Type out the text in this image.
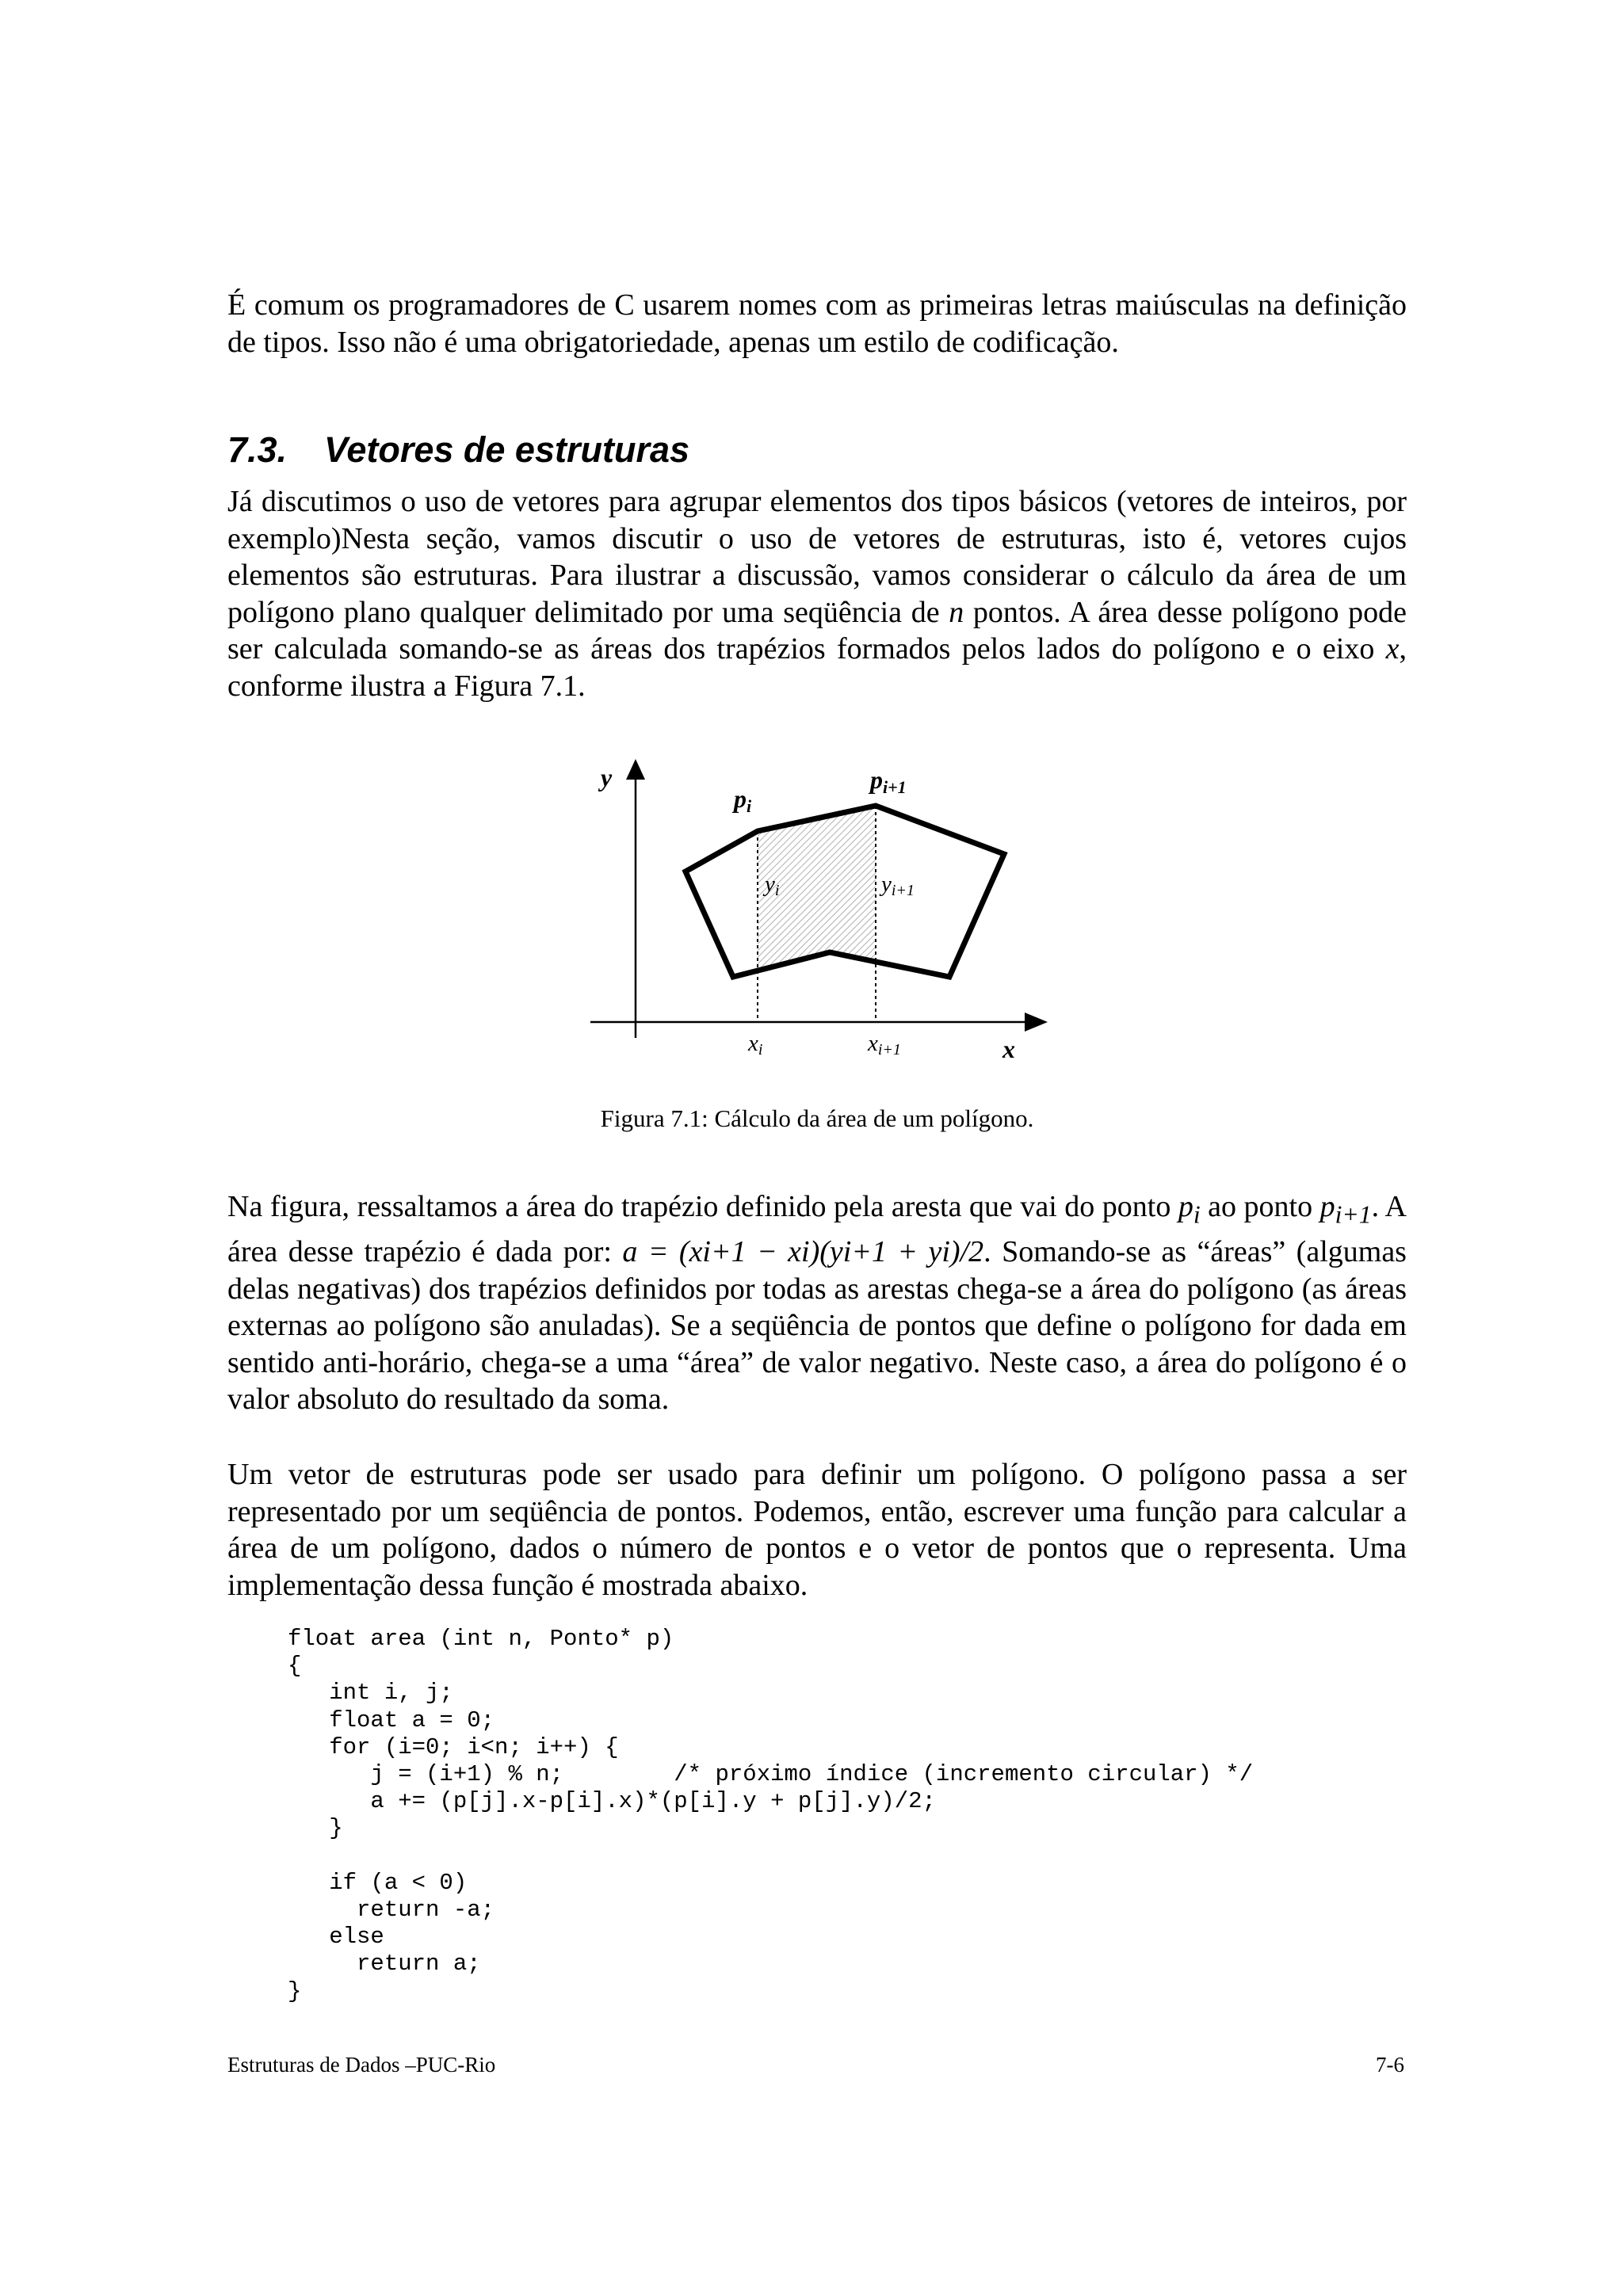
É comum os programadores de C usarem nomes com as primeiras letras maiúsculas na definição de tipos. Isso não é uma obrigatoriedade, apenas um estilo de codificação.

7.3. Vetores de estruturas

Já discutimos o uso de vetores para agrupar elementos dos tipos básicos (vetores de inteiros, por exemplo)Nesta seção, vamos discutir o uso de vetores de estruturas, isto é, vetores cujos elementos são estruturas. Para ilustrar a discussão, vamos considerar o cálculo da área de um polígono plano qualquer delimitado por uma seqüência de n pontos. A área desse polígono pode ser calculada somando-se as áreas dos trapézios formados pelos lados do polígono e o eixo x, conforme ilustra a Figura 7.1.

y
x
pi
pi+1
yi	yi+1
xi	xi+1

Figura 7.1: Cálculo da área de um polígono.

Na figura, ressaltamos a área do trapézio definido pela aresta que vai do ponto $p_i$ ao ponto $p_{i+1}$. A área desse trapézio é dada por: a = (xi+1 − xi)(yi+1 + yi)/2. Somando-se as “áreas” (algumas delas negativas) dos trapézios definidos por todas as arestas chega-se a área do polígono (as áreas externas ao polígono são anuladas). Se a seqüência de pontos que define o polígono for dada em sentido anti-horário, chega-se a uma “área” de valor negativo. Neste caso, a área do polígono é o valor absoluto do resultado da soma.

Um vetor de estruturas pode ser usado para definir um polígono. O polígono passa a ser representado por um seqüência de pontos. Podemos, então, escrever uma função para calcular a área de um polígono, dados o número de pontos e o vetor de pontos que o representa. Uma implementação dessa função é mostrada abaixo.

float area (int n, Ponto* p)
{
int i, j;
float a = 0;
for (i=0; i<n; i++) {
j = (i+1) % n;        /* próximo índice (incremento circular) */
a += (p[j].x-p[i].x)*(p[i].y + p[j].y)/2;
}

if (a < 0)
return -a;
else
return a;
}

Estruturas de Dados –PUC-Rio	7-6
